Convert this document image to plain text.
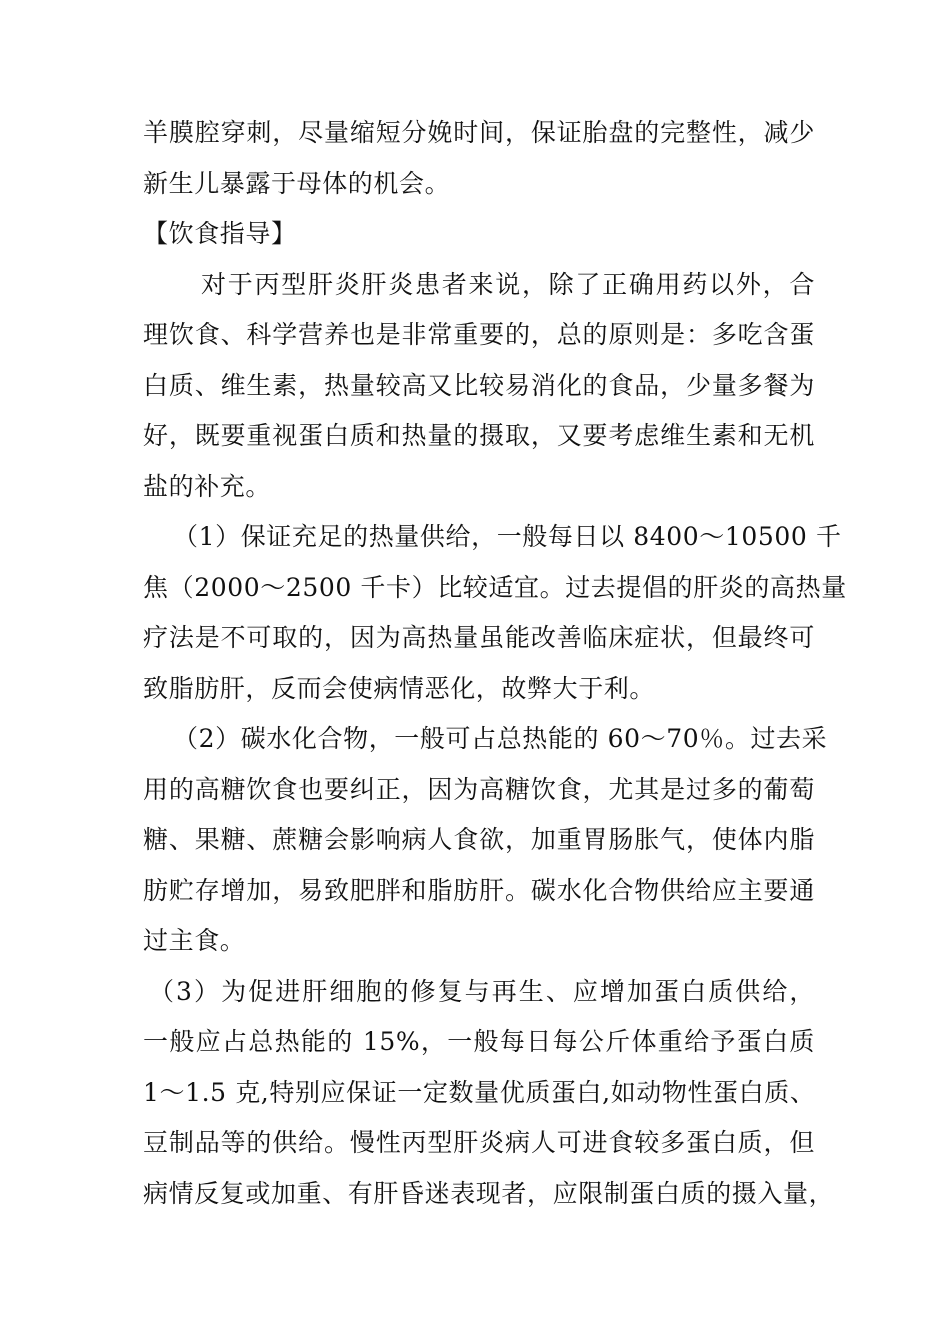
羊膜腔穿刺，尽量缩短分娩时间，保证胎盘的完整性，减少
新生儿暴露于母体的机会。
【饮食指导】
对于丙型肝炎肝炎患者来说，除了正确用药以外，合
理饮食、科学营养也是非常重要的，总的原则是：多吃含蛋
白质、维生素，热量较高又比较易消化的食品，少量多餐为
好，既要重视蛋白质和热量的摄取，又要考虑维生素和无机
盐的补充。
（1）保证充足的热量供给，一般每日以 8400～10500 千
焦（2000～2500 千卡）比较适宜。过去提倡的肝炎的高热量
疗法是不可取的，因为高热量虽能改善临床症状，但最终可
致脂肪肝，反而会使病情恶化，故弊大于利。
（2）碳水化合物，一般可占总热能的 60～70％。过去采
用的高糖饮食也要纠正，因为高糖饮食，尤其是过多的葡萄
糖、果糖、蔗糖会影响病人食欲，加重胃肠胀气，使体内脂
肪贮存增加，易致肥胖和脂肪肝。碳水化合物供给应主要通
过主食。
（3）为促进肝细胞的修复与再生、应增加蛋白质供给，
一般应占总热能的 15%，一般每日每公斤体重给予蛋白质
1～1.5 克,特别应保证一定数量优质蛋白,如动物性蛋白质、
豆制品等的供给。慢性丙型肝炎病人可进食较多蛋白质，但
病情反复或加重、有肝昏迷表现者，应限制蛋白质的摄入量，
